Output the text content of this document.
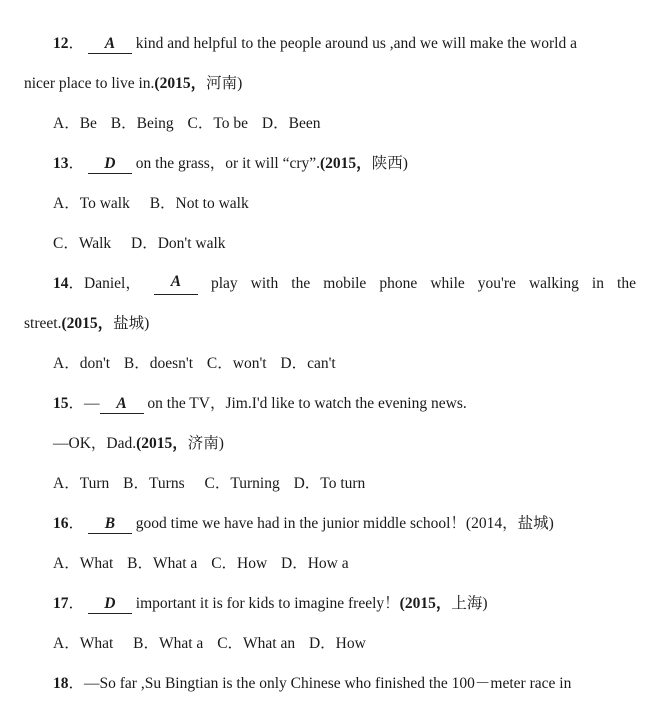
12． A kind and helpful to the people around us ,and we will make the world a
nicer place to live in.(2015，河南)
A．Be B．Being C．To be D．Been
13． D on the grass，or it will “cry”.(2015，陕西)
A．To walk B．Not to walk
C．Walk D．Don't walk
14．Daniel，	A	play with the mobile phone while you're walking in the
street.(2015，盐城)
A．don't B．doesn't C．won't D．can't
15．— A on the TV，Jim.I'd like to watch the evening news.
—OK，Dad.(2015，济南)
A．Turn B．Turns C．Turning D．To turn
16． B good time we have had in the junior middle school！(2014，盐城)
A．What B．What a C．How D．How a
17． D important it is for kids to imagine freely！(2015，上海)
A．What B．What a C．What an D．How
18．—So far ,Su Bingtian is the only Chinese who finished the 100－meter race in
